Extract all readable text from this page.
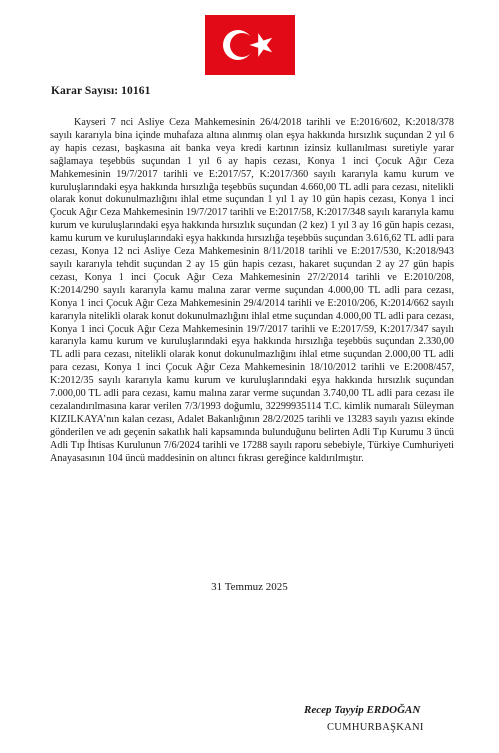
Karar Sayısı: 10161

Kayseri 7 nci Asliye Ceza Mahkemesinin 26/4/2018 tarihli ve E:2016/602, K:2018/378 sayılı kararıyla bina içinde muhafaza altına alınmış olan eşya hakkında hırsızlık suçundan 2 yıl 6 ay hapis cezası, başkasına ait banka veya kredi kartının izinsiz kullanılması suretiyle yarar sağlamaya teşebbüs suçundan 1 yıl 6 ay hapis cezası, Konya 1 inci Çocuk Ağır Ceza Mahkemesinin 19/7/2017 tarihli ve E:2017/57, K:2017/360 sayılı kararıyla kamu kurum ve kuruluşlarındaki eşya hakkında hırsızlığa teşebbüs suçundan 4.660,00 TL adli para cezası, nitelikli olarak konut dokunulmazlığını ihlal etme suçundan 1 yıl 1 ay 10 gün hapis cezası, Konya 1 inci Çocuk Ağır Ceza Mahkemesinin 19/7/2017 tarihli ve E:2017/58, K:2017/348 sayılı kararıyla kamu kurum ve kuruluşlarındaki eşya hakkında hırsızlık suçundan (2 kez) 1 yıl 3 ay 16 gün hapis cezası, kamu kurum ve kuruluşlarındaki eşya hakkında hırsızlığa teşebbüs suçundan 3.616,62 TL adli para cezası, Konya 12 nci Asliye Ceza Mahkemesinin 8/11/2018 tarihli ve E:2017/530, K:2018/943 sayılı kararıyla tehdit suçundan 2 ay 15 gün hapis cezası, hakaret suçundan 2 ay 27 gün hapis cezası, Konya 1 inci Çocuk Ağır Ceza Mahkemesinin 27/2/2014 tarihli ve E:2010/208, K:2014/290 sayılı kararıyla kamu malına zarar verme suçundan 4.000,00 TL adli para cezası, Konya 1 inci Çocuk Ağır Ceza Mahkemesinin 29/4/2014 tarihli ve E:2010/206, K:2014/662 sayılı kararıyla nitelikli olarak konut dokunulmazlığını ihlal etme suçundan 4.000,00 TL adli para cezası, Konya 1 inci Çocuk Ağır Ceza Mahkemesinin 19/7/2017 tarihli ve E:2017/59, K:2017/347 sayılı kararıyla kamu kurum ve kuruluşlarındaki eşya hakkında hırsızlığa teşebbüs suçundan 2.330,00 TL adli para cezası, nitelikli olarak konut dokunulmazlığını ihlal etme suçundan 2.000,00 TL adli para cezası, Konya 1 inci Çocuk Ağır Ceza Mahkemesinin 18/10/2012 tarihli ve E:2008/457, K:2012/35 sayılı kararıyla kamu kurum ve kuruluşlarındaki eşya hakkında hırsızlık suçundan 7.000,00 TL adli para cezası, kamu malına zarar verme suçundan 3.740,00 TL adli para cezası ile cezalandırılmasına karar verilen 7/3/1993 doğumlu, 32299935114 T.C. kimlik numaralı Süleyman KIZILKAYA’nın kalan cezası, Adalet Bakanlığının 28/2/2025 tarihli ve 13283 sayılı yazısı ekinde gönderilen ve adı geçenin sakatlık hali kapsamında bulunduğunu belirten Adli Tıp Kurumu 3 üncü Adli Tıp İhtisas Kurulunun 7/6/2024 tarihli ve 17288 sayılı raporu sebebiyle, Türkiye Cumhuriyeti Anayasasının 104 üncü maddesinin on altıncı fıkrası gereğince kaldırılmıştır.

31 Temmuz 2025
Recep Tayyip ERDOĞAN
CUMHURBAŞKANI
